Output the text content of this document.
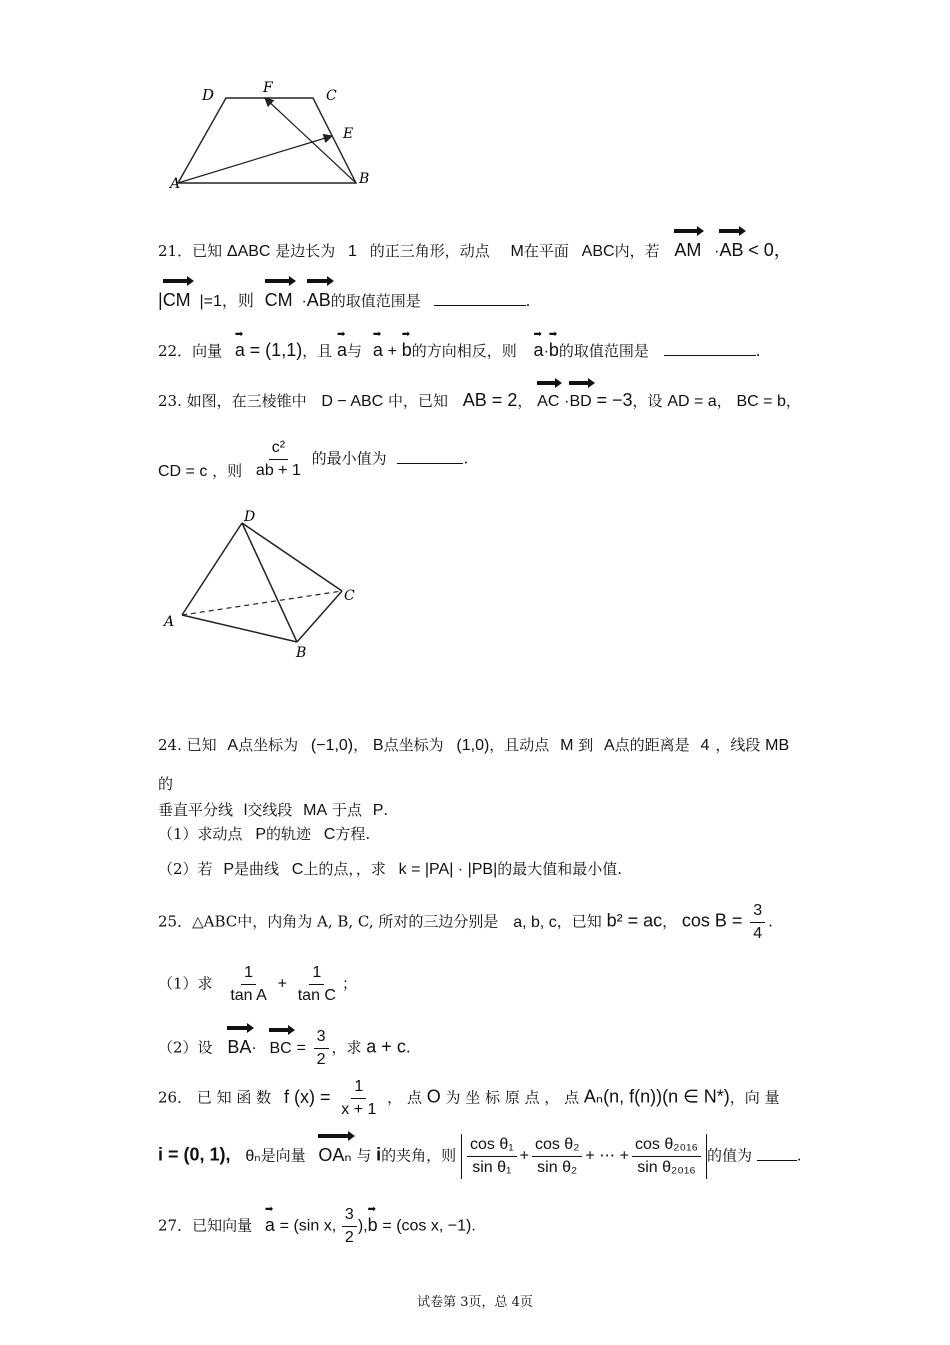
D	F	C
E
A	B
21．已知 ΔABC 是边长为 1 的正三角形，动点 M在平面 ABC内，若 AM ·AB < 0，
|CM |=1，则 CM ·AB的取值范围是	.
22．向量 ➡ a = (1,1)，且 ➡ a与 ➡ a + ➡ b的方向相反，则 ➡ a·➡ b的取值范围是	.
23. 如图，在三棱锥中 D − ABC 中，已知 AB = 2， AC ·BD = −3，设 AD = a， BC = b，
CD = c ，则 $\frac{\text{c²}}{ab + 1}$ 的最小值为	.
D
C
A
B
24. 已知 A点坐标为 (−1,0)， B点坐标为 (1,0)，且动点 M 到 A点的距离是 4 ，线段 MB
的
垂直平分线 l交线段 MA 于点 P.
（1）求动点 P的轨迹 C方程.
（2）若 P是曲线 C上的点，，求 k = |PA| · |PB|的最大值和最小值.
25．△ABC中，内角为 A, B, C, 所对的三边分别是 a, b, c，已知 b² = ac， $\cos B = \frac{3}{4}$ .
（1）求 $\frac{1}{\text{tan A}} + \frac{1}{\text{tan C}}$ ；
（2）设 BA· BC = $\frac{3}{2}$ ，求 a + c.
26． 已 知 函 数 f $(x) = \frac{1}{x + 1}$ ， 点 O 为 坐 标 原 点 ， 点 Aₙ(n, f(n))(n ∈ N*)，向 量
i = (0, 1), θₙ是向量 OAₙ 与 i的夹角，则 $\frac{\text{cos θ₁}}{\text{sin θ₁}} + \frac{\text{cos θ₂}}{\text{sin θ₂}}$ + ⋯ + $\frac{\text{cos θ₂₀₁₆}}{\text{sin θ₂₀₁₆}}$ 的值为	.
27．已知向量 ➡ a = (sin x, $\frac{3}{2}$ ),➡ b = (cos x, −1).
试卷第 3页，总 4页
